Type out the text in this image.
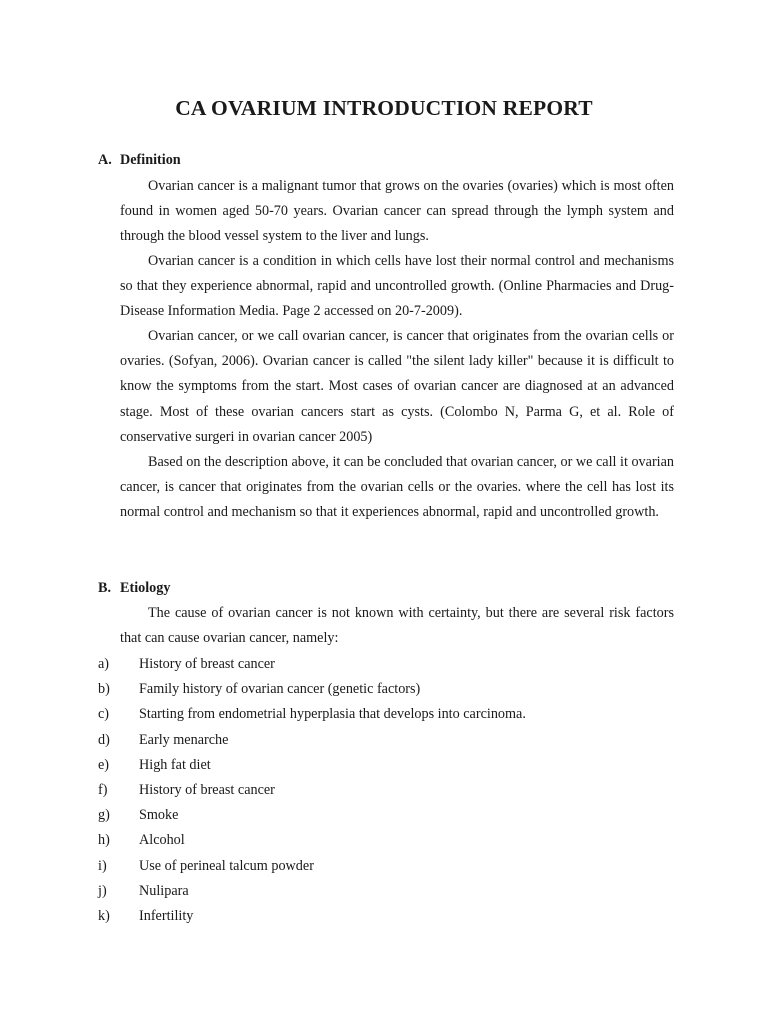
CA OVARIUM INTRODUCTION REPORT
A. Definition

Ovarian cancer is a malignant tumor that grows on the ovaries (ovaries) which is most often found in women aged 50-70 years. Ovarian cancer can spread through the lymph system and through the blood vessel system to the liver and lungs.

Ovarian cancer is a condition in which cells have lost their normal control and mechanisms so that they experience abnormal, rapid and uncontrolled growth. (Online Pharmacies and Drug-Disease Information Media. Page 2 accessed on 20-7-2009).

Ovarian cancer, or we call ovarian cancer, is cancer that originates from the ovarian cells or ovaries. (Sofyan, 2006). Ovarian cancer is called "the silent lady killer" because it is difficult to know the symptoms from the start. Most cases of ovarian cancer are diagnosed at an advanced stage. Most of these ovarian cancers start as cysts. (Colombo N, Parma G, et al. Role of conservative surgeri in ovarian cancer 2005)

Based on the description above, it can be concluded that ovarian cancer, or we call it ovarian cancer, is cancer that originates from the ovarian cells or the ovaries. where the cell has lost its normal control and mechanism so that it experiences abnormal, rapid and uncontrolled growth.

B. Etiology

The cause of ovarian cancer is not known with certainty, but there are several risk factors that can cause ovarian cancer, namely:

a) History of breast cancer
b) Family history of ovarian cancer (genetic factors)
c) Starting from endometrial hyperplasia that develops into carcinoma.
d) Early menarche
e) High fat diet
f) History of breast cancer
g) Smoke
h) Alcohol
i) Use of perineal talcum powder
j) Nulipara
k) Infertility
